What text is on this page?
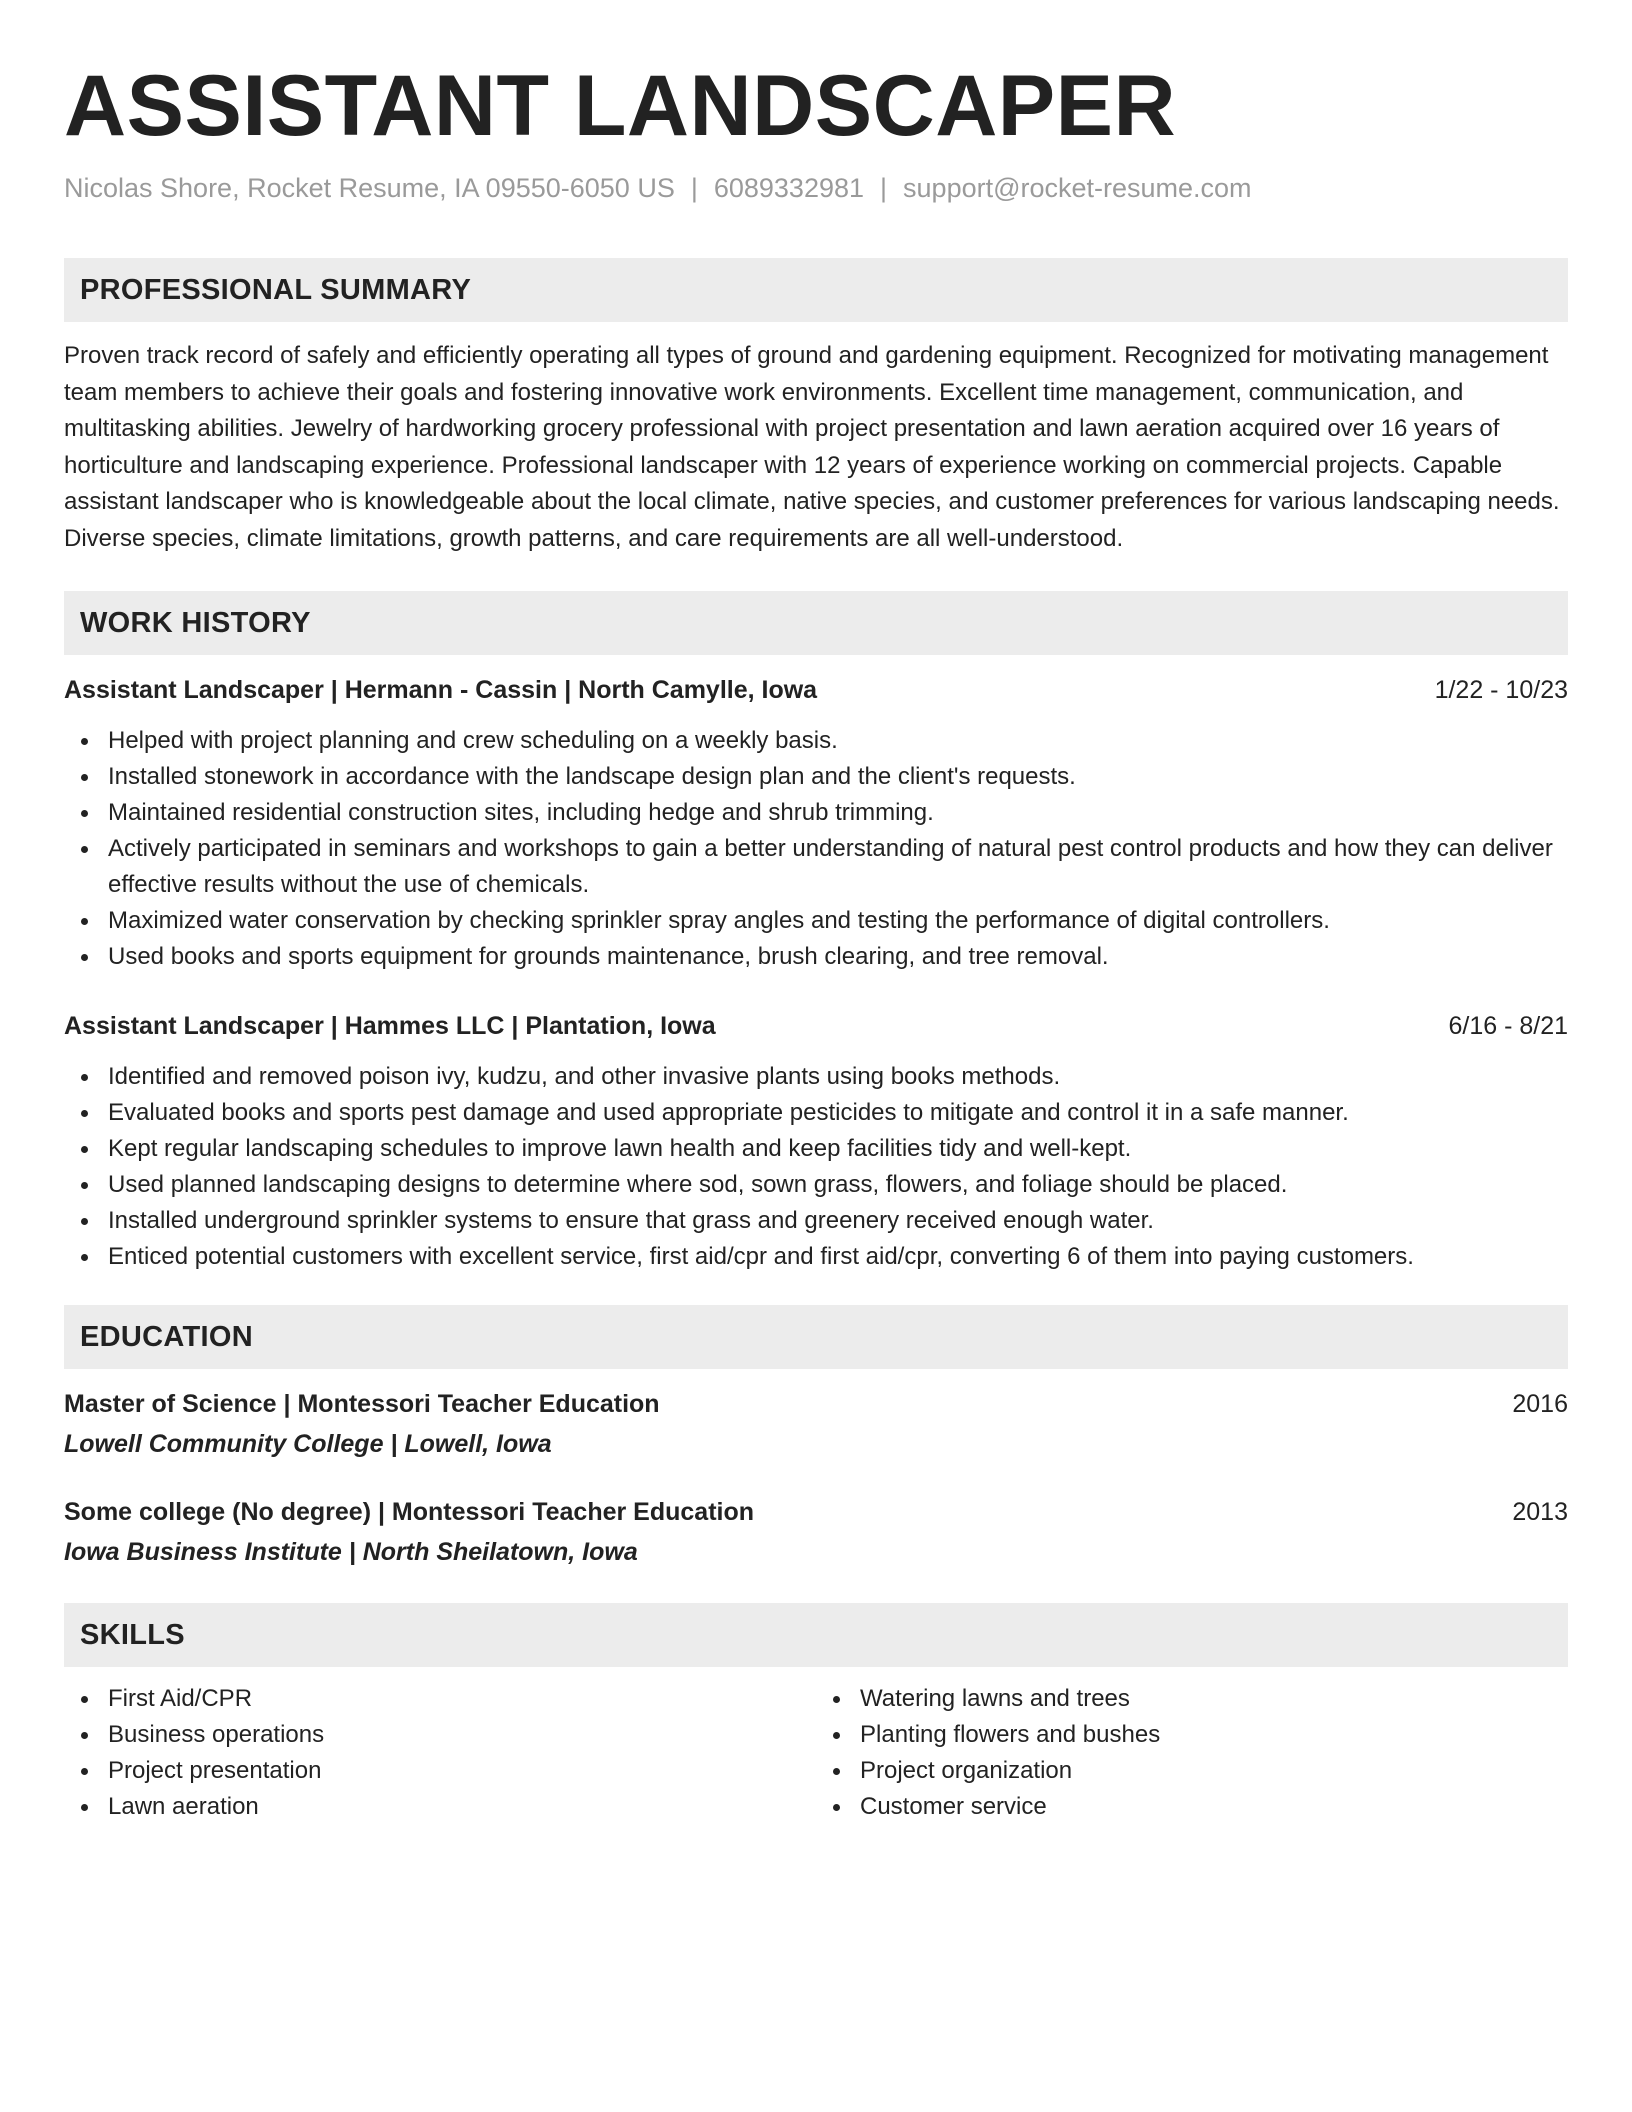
ASSISTANT LANDSCAPER
Nicolas Shore, Rocket Resume, IA 09550-6050 US | 6089332981 | support@rocket-resume.com
PROFESSIONAL SUMMARY

Proven track record of safely and efficiently operating all types of ground and gardening equipment. Recognized for motivating management team members to achieve their goals and fostering innovative work environments. Excellent time management, communication, and multitasking abilities. Jewelry of hardworking grocery professional with project presentation and lawn aeration acquired over 16 years of horticulture and landscaping experience. Professional landscaper with 12 years of experience working on commercial projects. Capable assistant landscaper who is knowledgeable about the local climate, native species, and customer preferences for various landscaping needs. Diverse species, climate limitations, growth patterns, and care requirements are all well-understood.

WORK HISTORY
Assistant Landscaper | Hermann - Cassin | North Camylle, Iowa	1/22 - 10/23
Helped with project planning and crew scheduling on a weekly basis.
Installed stonework in accordance with the landscape design plan and the client's requests.
Maintained residential construction sites, including hedge and shrub trimming.
Actively participated in seminars and workshops to gain a better understanding of natural pest control products and how they can deliver effective results without the use of chemicals.
Maximized water conservation by checking sprinkler spray angles and testing the performance of digital controllers.
Used books and sports equipment for grounds maintenance, brush clearing, and tree removal.
Assistant Landscaper | Hammes LLC | Plantation, Iowa	6/16 - 8/21
Identified and removed poison ivy, kudzu, and other invasive plants using books methods.
Evaluated books and sports pest damage and used appropriate pesticides to mitigate and control it in a safe manner.
Kept regular landscaping schedules to improve lawn health and keep facilities tidy and well-kept.
Used planned landscaping designs to determine where sod, sown grass, flowers, and foliage should be placed.
Installed underground sprinkler systems to ensure that grass and greenery received enough water.
Enticed potential customers with excellent service, first aid/cpr and first aid/cpr, converting 6 of them into paying customers.
EDUCATION
Master of Science | Montessori Teacher Education	2016
Lowell Community College | Lowell, Iowa
Some college (No degree) | Montessori Teacher Education	2013
Iowa Business Institute | North Sheilatown, Iowa
SKILLS
First Aid/CPR
Business operations
Project presentation
Lawn aeration
Watering lawns and trees
Planting flowers and bushes
Project organization
Customer service
